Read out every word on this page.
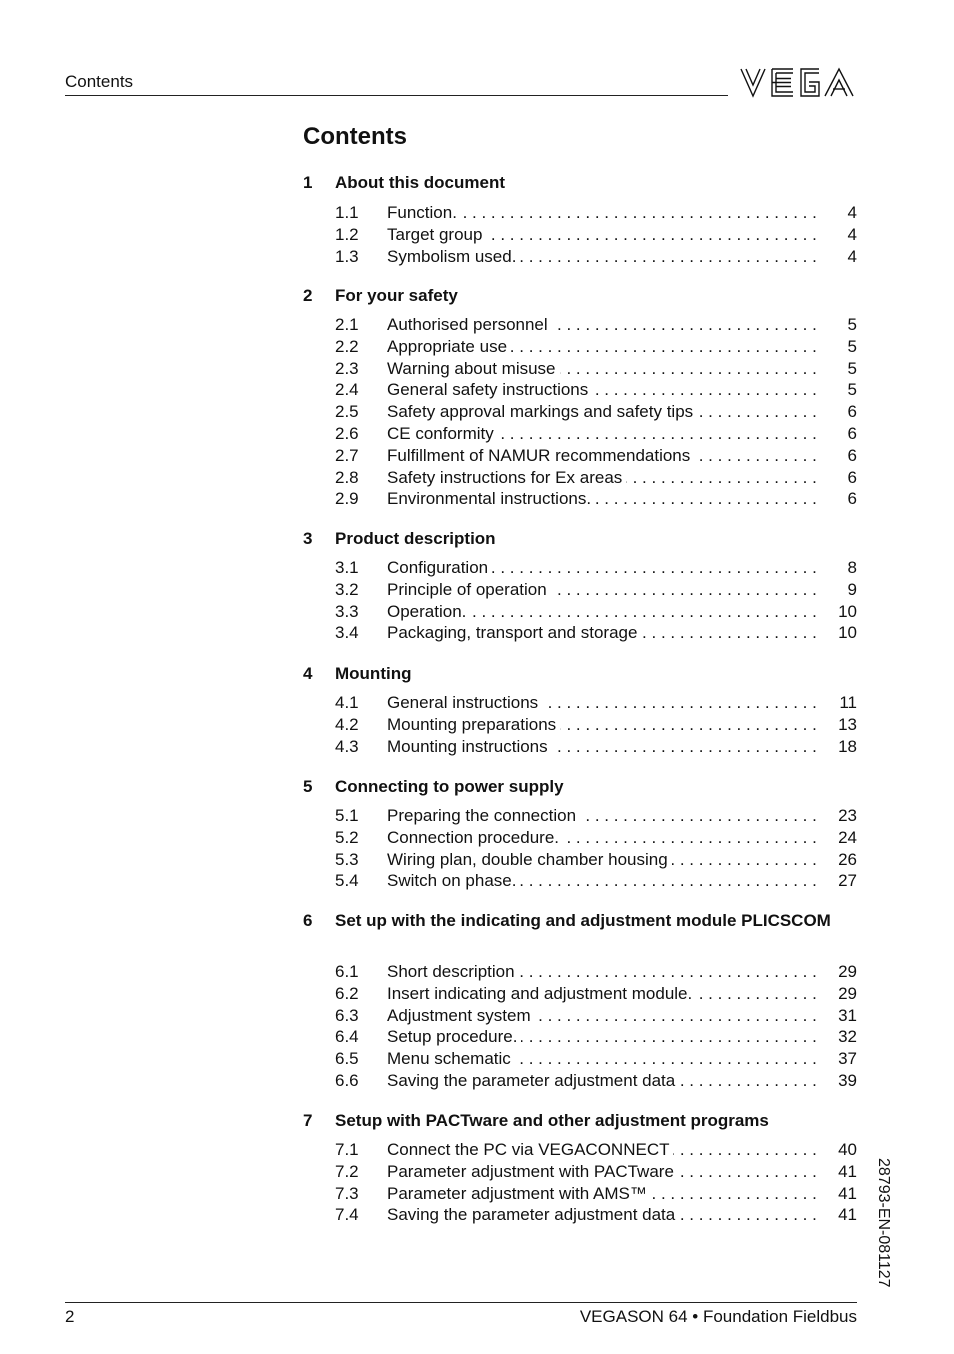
Contents
Contents
1 About this document
1.1 Function. . . .	4
1.2 Target group . . .	4
1.3 Symbolism used. . . .	4
2 For your safety
2.1 Authorised personnel . . .	5
2.2 Appropriate use . . .	5
2.3 Warning about misuse . . .	5
2.4 General safety instructions . . .	5
2.5 Safety approval markings and safety tips . . .	6
2.6 CE conformity . . .	6
2.7 Fulfillment of NAMUR recommendations . . .	6
2.8 Safety instructions for Ex areas . . .	6
2.9 Environmental instructions. . . .	6
3 Product description
3.1 Configuration . . .	8
3.2 Principle of operation . . .	9
3.3 Operation. . . .	10
3.4 Packaging, transport and storage . . .	10
4 Mounting
4.1 General instructions . . .	11
4.2 Mounting preparations . . .	13
4.3 Mounting instructions . . .	18
5 Connecting to power supply
5.1 Preparing the connection . . .	23
5.2 Connection procedure. . . .	24
5.3 Wiring plan, double chamber housing . . .	26
5.4 Switch on phase. . . .	27
6 Set up with the indicating and adjustment module PLICSCOM
6.1 Short description . . .	29
6.2 Insert indicating and adjustment module. . . .	29
6.3 Adjustment system . . .	31
6.4 Setup procedure. . . .	32
6.5 Menu schematic . . .	37
6.6 Saving the parameter adjustment data . . .	39
7 Setup with PACTware and other adjustment programs
7.1 Connect the PC via VEGACONNECT . . .	40
7.2 Parameter adjustment with PACTware . . .	41
7.3 Parameter adjustment with AMS™ . . .	41
7.4 Saving the parameter adjustment data . . .	41 28793-EN-081127
2	VEGASON 64 • Foundation Fieldbus
